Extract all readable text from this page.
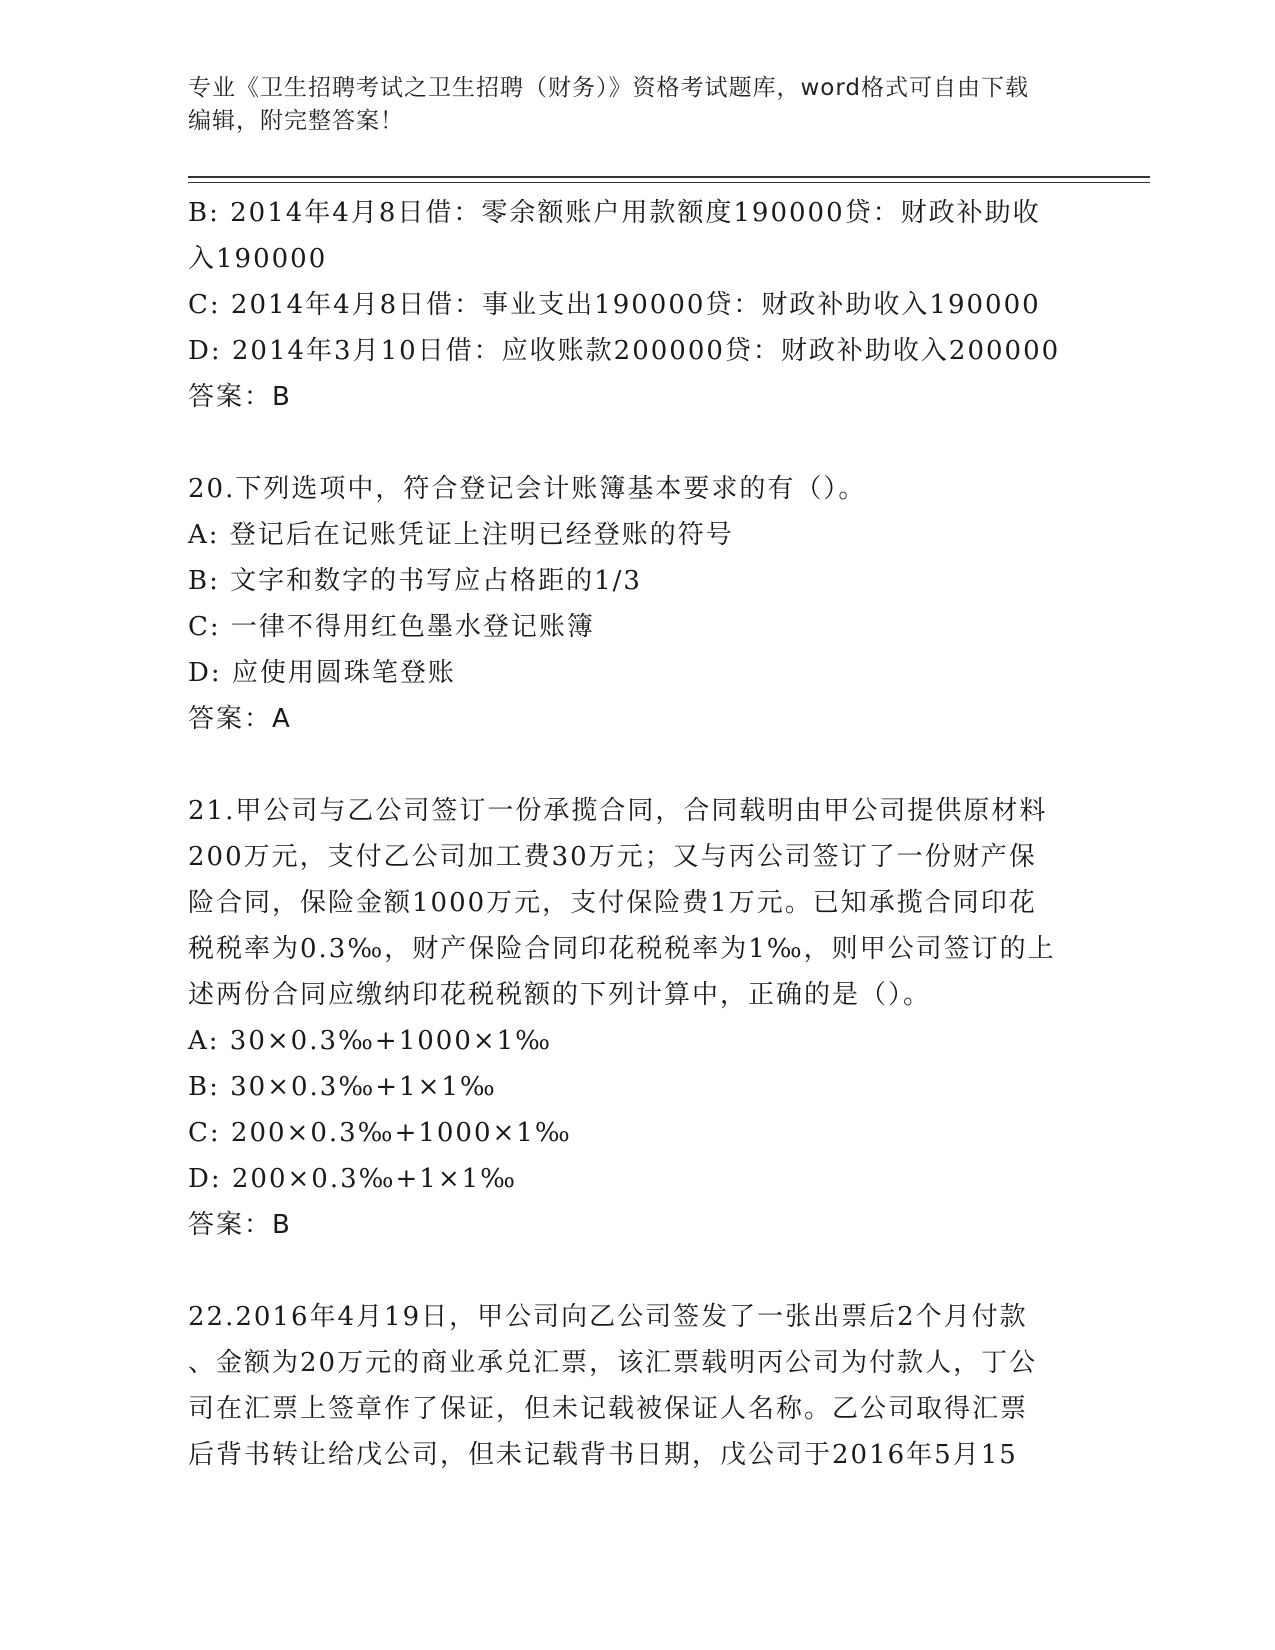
专业《卫生招聘考试之卫生招聘（财务）》资格考试题库，word格式可自由下载
编辑，附完整答案！
B: 2014年4月8日借：零余额账户用款额度190000贷：财政补助收
入190000
C: 2014年4月8日借：事业支出190000贷：财政补助收入190000
D: 2014年3月10日借：应收账款200000贷：财政补助收入200000
答案：B
20.下列选项中，符合登记会计账簿基本要求的有（）。
A: 登记后在记账凭证上注明已经登账的符号
B: 文字和数字的书写应占格距的1/3
C: 一律不得用红色墨水登记账簿
D: 应使用圆珠笔登账
答案：A
21.甲公司与乙公司签订一份承揽合同，合同载明由甲公司提供原材料
200万元，支付乙公司加工费30万元；又与丙公司签订了一份财产保
险合同，保险金额1000万元，支付保险费1万元。已知承揽合同印花
税税率为0.3‰，财产保险合同印花税税率为1‰，则甲公司签订的上
述两份合同应缴纳印花税税额的下列计算中，正确的是（）。
A: 30×0.3‰+1000×1‰
B: 30×0.3‰+1×1‰
C: 200×0.3‰+1000×1‰
D: 200×0.3‰+1×1‰
答案：B
22.2016年4月19日，甲公司向乙公司签发了一张出票后2个月付款
、金额为20万元的商业承兑汇票，该汇票载明丙公司为付款人，丁公
司在汇票上签章作了保证，但未记载被保证人名称。乙公司取得汇票
后背书转让给戊公司，但未记载背书日期，戊公司于2016年5月15
